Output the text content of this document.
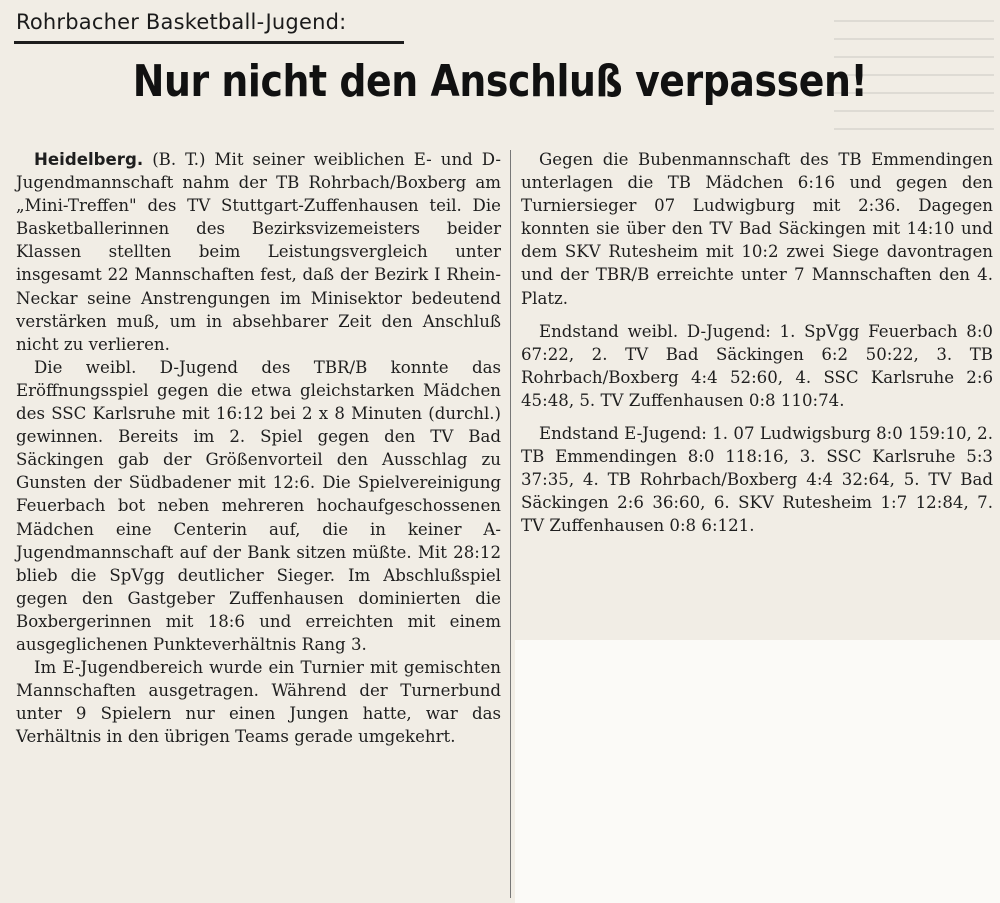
Rohrbacher Basketball-Jugend:
Nur nicht den Anschluß verpassen!

Heidelberg. (B. T.) Mit seiner weiblichen E- und D-Jugendmannschaft nahm der TB Rohrbach/Boxberg am „Mini-Treffen" des TV Stuttgart-Zuffenhausen teil. Die Basketballerinnen des Bezirksvizemeisters beider Klassen stellten beim Leistungsvergleich unter insgesamt 22 Mannschaften fest, daß der Bezirk I Rhein-Neckar seine Anstrengungen im Minisektor bedeutend verstärken muß, um in absehbarer Zeit den Anschluß nicht zu verlieren.

Die weibl. D-Jugend des TBR/B konnte das Eröffnungsspiel gegen die etwa gleichstarken Mädchen des SSC Karlsruhe mit 16:12 bei 2 x 8 Minuten (durchl.) gewinnen. Bereits im 2. Spiel gegen den TV Bad Säckingen gab der Größenvorteil den Ausschlag zu Gunsten der Südbadener mit 12:6. Die Spielvereinigung Feuerbach bot neben mehreren hochaufgeschossenen Mädchen eine Centerin auf, die in keiner A-Jugendmannschaft auf der Bank sitzen müßte. Mit 28:12 blieb die SpVgg deutlicher Sieger. Im Abschlußspiel gegen den Gastgeber Zuffenhausen dominierten die Boxbergerinnen mit 18:6 und erreichten mit einem ausgeglichenen Punkteverhältnis Rang 3.

Im E-Jugendbereich wurde ein Turnier mit gemischten Mannschaften ausgetragen. Während der Turnerbund unter 9 Spielern nur einen Jungen hatte, war das Verhältnis in den übrigen Teams gerade umgekehrt.

Gegen die Bubenmannschaft des TB Emmendingen unterlagen die TB Mädchen 6:16 und gegen den Turniersieger 07 Ludwigburg mit 2:36. Dagegen konnten sie über den TV Bad Säckingen mit 14:10 und dem SKV Rutesheim mit 10:2 zwei Siege davontragen und der TBR/B erreichte unter 7 Mannschaften den 4. Platz.

Endstand weibl. D-Jugend: 1. SpVgg Feuerbach 8:0 67:22, 2. TV Bad Säckingen 6:2 50:22, 3. TB Rohrbach/Boxberg 4:4 52:60, 4. SSC Karlsruhe 2:6 45:48, 5. TV Zuffenhausen 0:8 110:74.

Endstand E-Jugend: 1. 07 Ludwigsburg 8:0 159:10, 2. TB Emmendingen 8:0 118:16, 3. SSC Karlsruhe 5:3 37:35, 4. TB Rohrbach/Boxberg 4:4 32:64, 5. TV Bad Säckingen 2:6 36:60, 6. SKV Rutesheim 1:7 12:84, 7. TV Zuffenhausen 0:8 6:121.
